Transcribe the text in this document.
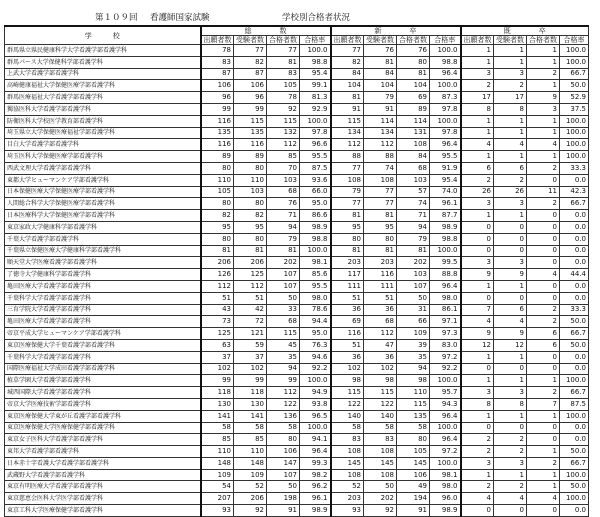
第１０９回 看護師国家試験	学校別合格者状況
学　　　校	総　　　　数				新　　　　卒				既　　　　卒			
	出願者数	受験者数	合格者数	合格率	出願者数	受験者数	合格者数	合格率	出願者数	受験者数	合格者数	合格率
群馬県立県民健康科学大学看護学部看護学科	78	77	77	100.0	77	76	76	100.0	1	1	1	100.0
群馬パース大学保健科学部看護学科	83	82	81	98.8	82	81	80	98.8	1	1	1	100.0
上武大学看護学部看護学科	87	87	83	95.4	84	84	81	96.4	3	3	2	66.7
高崎健康福祉大学保健医療学部看護学科	106	106	105	99.1	104	104	104	100.0	2	2	1	50.0
群馬医療福祉大学看護学部看護学科	96	96	78	81.3	81	79	69	87.3	17	17	9	52.9
獨協医科大学看護学部看護学科	99	99	92	92.9	91	91	89	97.8	8	8	3	37.5
防衛医科大学校医学教育部看護学科	116	115	115	100.0	115	114	114	100.0	1	1	1	100.0
埼玉県立大学保健医療福祉学部看護学科	135	135	132	97.8	134	134	131	97.8	1	1	1	100.0
目白大学看護学部看護学科	116	116	112	96.6	112	112	108	96.4	4	4	4	100.0
埼玉医科大学保健医療学部看護学科	89	89	85	95.5	88	88	84	95.5	1	1	1	100.0
西武文理大学看護学部看護学科	80	80	70	87.5	77	74	68	91.9	6	6	2	33.3
東都大学ヒューマンケア学部看護学科	110	110	103	93.6	108	108	103	95.4	2	2	0	0.0
日本保健医療大学保健医療学部看護学科	105	103	68	66.0	79	77	57	74.0	26	26	11	42.3
人間総合科学大学保健医療学部看護学科	80	80	76	95.0	77	77	74	96.1	3	3	2	66.7
日本医療科学大学保健医療学部看護学科	82	82	71	86.6	81	81	71	87.7	1	1	0	0.0
東京家政大学健康科学部看護学科	95	95	94	98.9	95	95	94	98.9	0	0	0	0.0
千葉大学看護学部看護学科	80	80	79	98.8	80	80	79	98.8	0	0	0	0.0
千葉県立保健医療大学健康科学部看護学科	81	81	81	100.0	81	81	81	100.0	0	0	0	0.0
順天堂大学医療看護学部看護学科	206	206	202	98.1	203	203	202	99.5	3	3	0	0.0
了徳寺大学健康科学部看護学科	126	125	107	85.6	117	116	103	88.8	9	9	4	44.4
亀田医療大学看護学部看護学科	112	112	107	95.5	111	111	107	96.4	1	1	0	0.0
千葉科学大学看護学部看護学科	51	51	50	98.0	51	51	50	98.0	0	0	0	0.0
三育学院大学看護学部看護学科	43	42	33	78.6	36	36	31	86.1	7	6	2	33.3
亀田医療大学看護学部看護学科	73	72	68	94.4	69	68	66	97.1	4	4	2	50.0
帝京平成大学ヒューマンケア学部看護学科	125	121	115	95.0	116	112	109	97.3	9	9	6	66.7
東京医療保健大学千葉看護学部看護学科	63	59	45	76.3	51	47	39	83.0	12	12	6	50.0
千葉科学大学看護学部看護学科	37	37	35	94.6	36	36	35	97.2	1	1	0	0.0
国際医療福祉大学成田看護学部看護学科	102	102	94	92.2	102	102	94	92.2	0	0	0	0.0
植草学園大学看護学部看護学科	99	99	99	100.0	98	98	98	100.0	1	1	1	100.0
城西国際大学看護学部看護学科	118	118	112	94.9	115	115	110	95.7	3	3	2	66.7
帝京大学医療技術学部看護学科	130	130	122	93.8	122	122	115	94.3	8	8	7	87.5
東京医療保健大学東が丘看護学部看護学科	141	141	136	96.5	140	140	135	96.4	1	1	1	100.0
東京医療保健大学医療保健学部看護学科	58	58	58	100.0	58	58	58	100.0	0	0	0	0.0
東京女子医科大学看護学部看護学科	85	85	80	94.1	83	83	80	96.4	2	2	0	0.0
東邦大学看護学部看護学科	110	110	106	96.4	108	108	105	97.2	2	2	1	50.0
日本赤十字看護大学看護学部看護学科	148	148	147	99.3	145	145	145	100.0	3	3	2	66.7
武蔵野大学看護学部看護学科	109	109	107	98.2	108	108	106	98.1	1	1	1	100.0
東京有明医療大学看護学部看護学科	54	52	50	96.2	52	50	49	98.0	2	2	1	50.0
東京慈恵会医科大学医学部看護学科	207	206	198	96.1	203	202	194	96.0	4	4	4	100.0
東京工科大学医療保健学部看護学科	93	92	91	98.9	93	92	91	98.9	0	0	0	0.0
